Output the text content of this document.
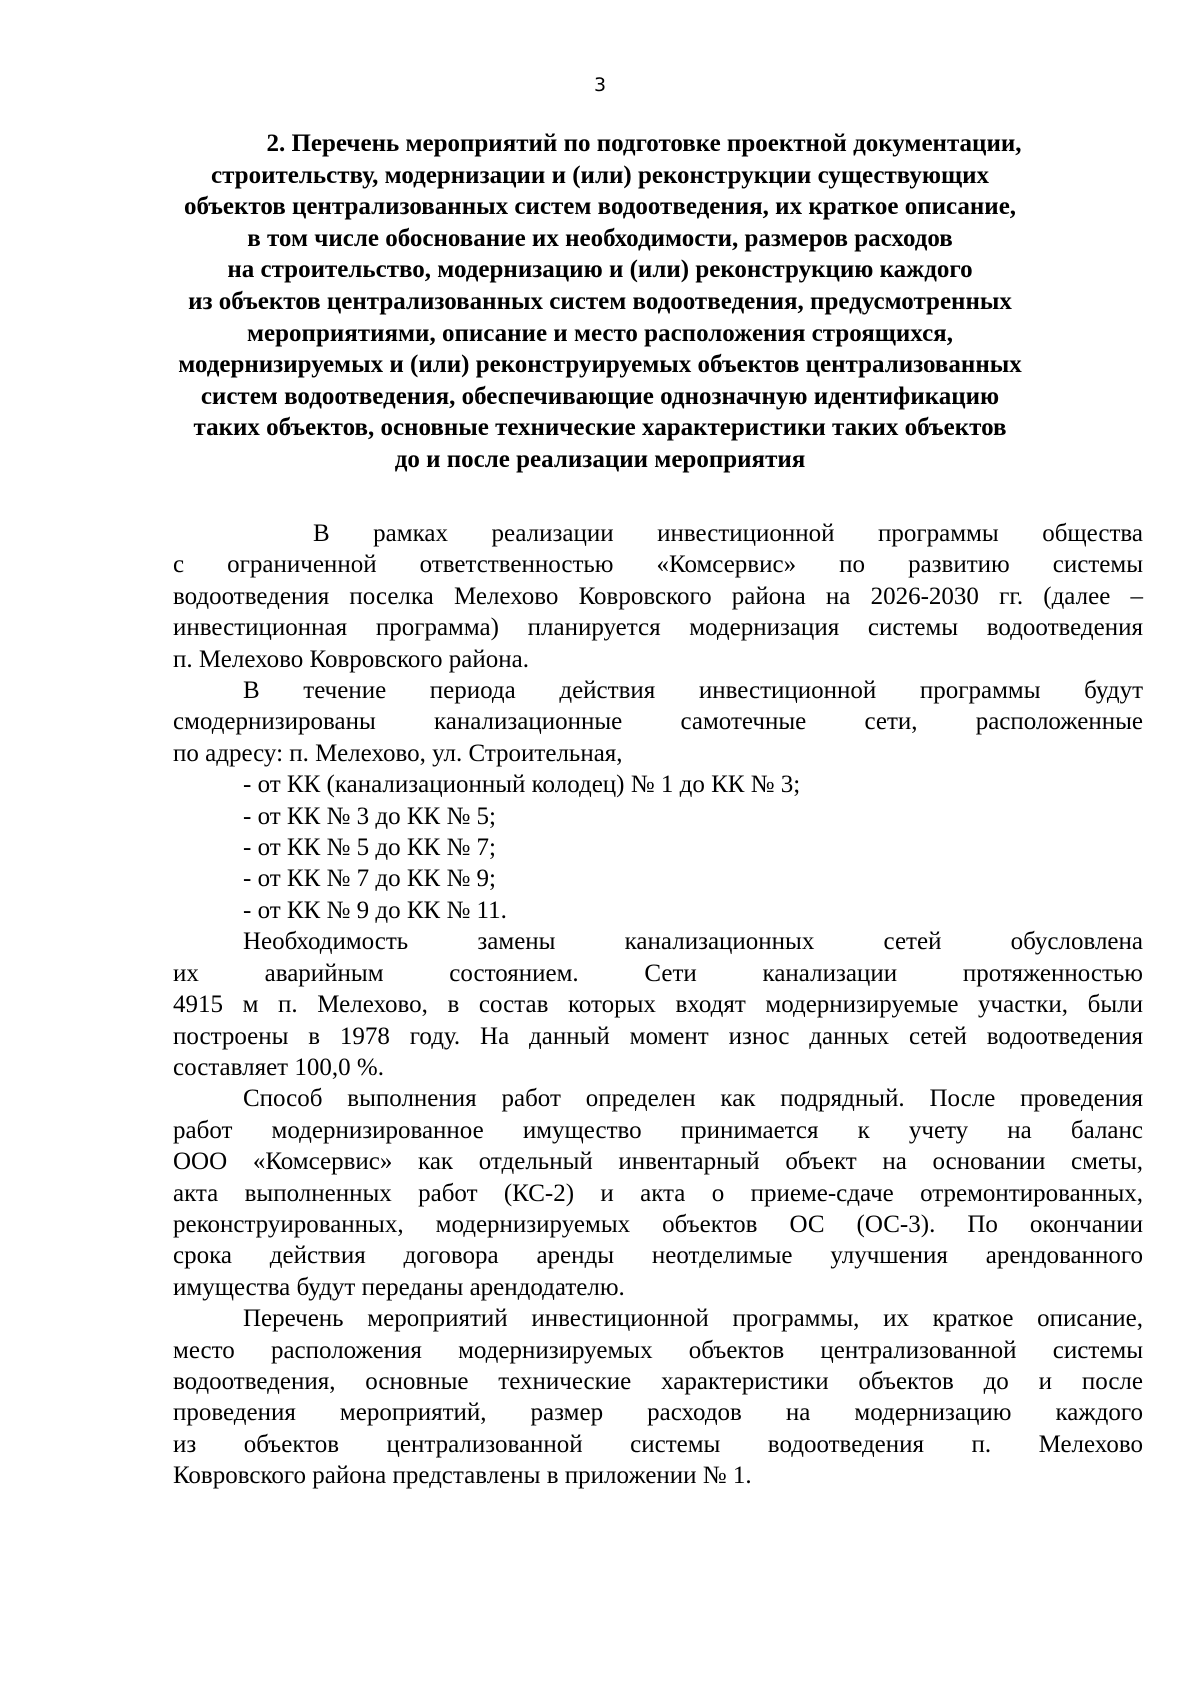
3
2. Перечень мероприятий по подготовке проектной документации,
строительству, модернизации и (или) реконструкции существующих
объектов централизованных систем водоотведения, их краткое описание,
в том числе обоснование их необходимости, размеров расходов
на строительство, модернизацию и (или) реконструкцию каждого
из объектов централизованных систем водоотведения, предусмотренных
мероприятиями, описание и место расположения строящихся,
модернизируемых и (или) реконструируемых объектов централизованных
систем водоотведения, обеспечивающие однозначную идентификацию
таких объектов, основные технические характеристики таких объектов
до и после реализации мероприятия
В рамках реализации инвестиционной программы общества
с ограниченной ответственностью «Комсервис» по развитию системы
водоотведения поселка Мелехово Ковровского района на 2026-2030 гг. (далее –
инвестиционная программа) планируется модернизация системы водоотведения
п. Мелехово Ковровского района.
В течение периода действия инвестиционной программы будут
смодернизированы канализационные самотечные сети, расположенные
по адресу: п. Мелехово, ул. Строительная,
- от КК (канализационный колодец) № 1 до КК № 3;
- от КК № 3 до КК № 5;
- от КК № 5 до КК № 7;
- от КК № 7 до КК № 9;
- от КК № 9 до КК № 11.
Необходимость замены канализационных сетей обусловлена
их аварийным состоянием. Сети канализации протяженностью
4915 м п. Мелехово, в состав которых входят модернизируемые участки, были
построены в 1978 году. На данный момент износ данных сетей водоотведения
составляет 100,0 %.
Способ выполнения работ определен как подрядный. После проведения
работ модернизированное имущество принимается к учету на баланс
ООО «Комсервис» как отдельный инвентарный объект на основании сметы,
акта выполненных работ (КС-2) и акта о приеме-сдаче отремонтированных,
реконструированных, модернизируемых объектов ОС (ОС-3). По окончании
срока действия договора аренды неотделимые улучшения арендованного
имущества будут переданы арендодателю.
Перечень мероприятий инвестиционной программы, их краткое описание,
место расположения модернизируемых объектов централизованной системы
водоотведения, основные технические характеристики объектов до и после
проведения мероприятий, размер расходов на модернизацию каждого
из объектов централизованной системы водоотведения п. Мелехово
Ковровского района представлены в приложении № 1.
